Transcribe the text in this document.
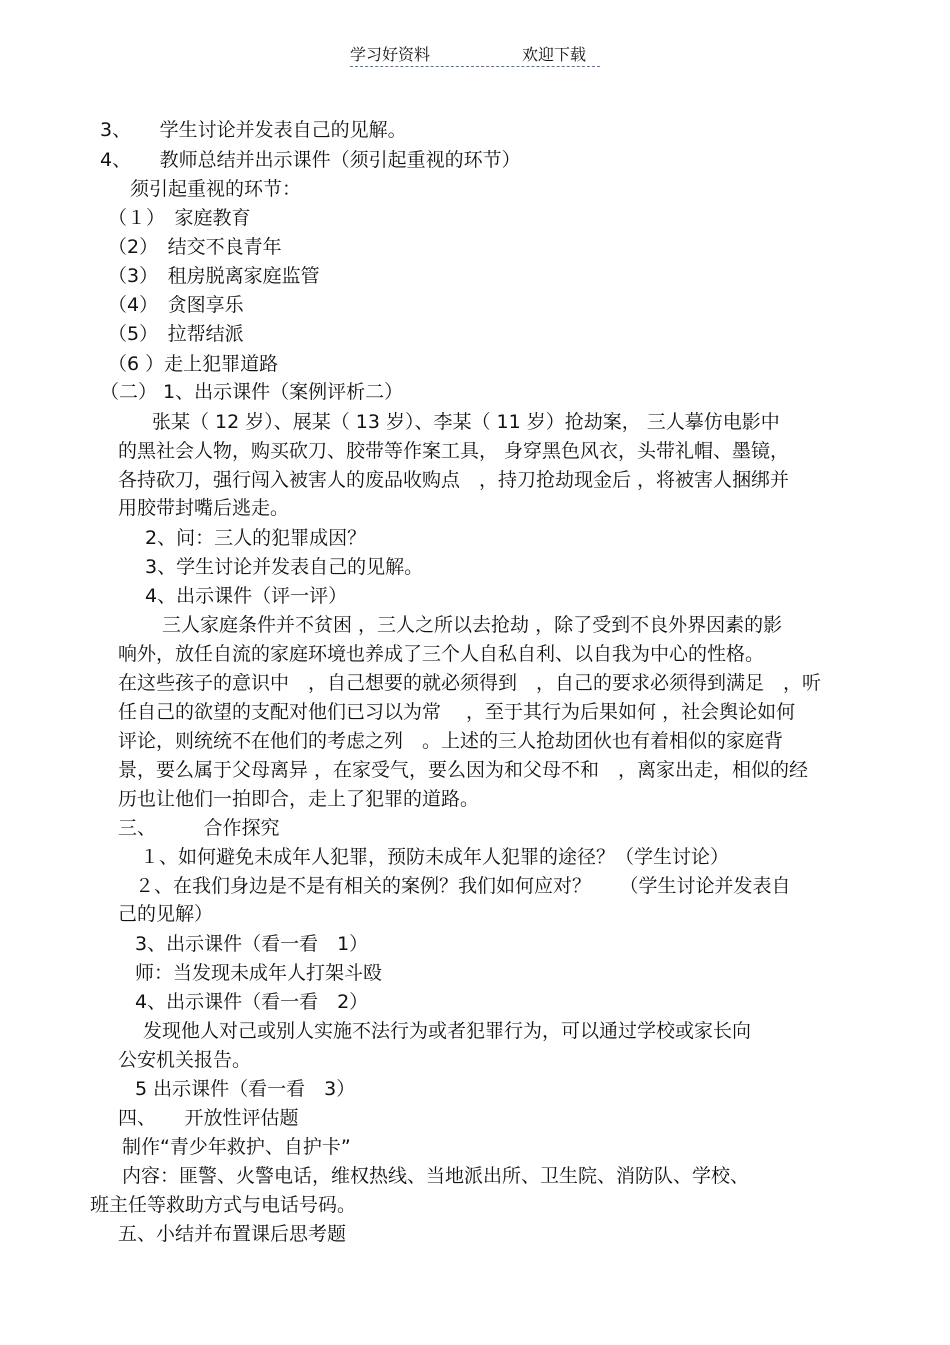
学习好资料	欢迎下载
3、　　学生讨论并发表自己的见解。
4、　　教师总结并出示课件（须引起重视的环节）
须引起重视的环节：
（１）　家庭教育
（2）　结交不良青年
（3）　租房脱离家庭监管
（4）　贪图享乐
（5）　拉帮结派
（6 ）走上犯罪道路
（二） 1、出示课件（案例评析二）
张某（ 12 岁）、展某（ 13 岁）、李某（ 11 岁）抢劫案， 三人摹仿电影中
的黑社会人物，购买砍刀、胶带等作案工具， 身穿黑色风衣，头带礼帽、墨镜，
各持砍刀，强行闯入被害人的废品收购点　，持刀抢劫现金后 ，将被害人捆绑并
用胶带封嘴后逃走。
2、问：三人的犯罪成因？
3、学生讨论并发表自己的见解。
4、出示课件（评一评）
三人家庭条件并不贫困 ，三人之所以去抢劫 ，除了受到不良外界因素的影
响外，放任自流的家庭环境也养成了三个人自私自利、以自我为中心的性格。
在这些孩子的意识中　，自己想要的就必须得到　，自己的要求必须得到满足　，听
任自己的欲望的支配对他们已习以为常　 ，至于其行为后果如何 ，社会舆论如何
评论，则统统不在他们的考虑之列　。上述的三人抢劫团伙也有着相似的家庭背
景，要么属于父母离异 ，在家受气，要么因为和父母不和　，离家出走，相似的经
历也让他们一拍即合，走上了犯罪的道路。
三、　　　合作探究
１、如何避免未成年人犯罪，预防未成年人犯罪的途径？（学生讨论）
２、在我们身边是不是有相关的案例？我们如何应对？　　（学生讨论并发表自
己的见解）
3、出示课件（看一看　1）
师：当发现未成年人打架斗殴
4、出示课件（看一看　2）
发现他人对己或别人实施不法行为或者犯罪行为，可以通过学校或家长向
公安机关报告。
5 出示课件（看一看　3）
四、　　开放性评估题
制作“青少年救护、自护卡”
内容：匪警、火警电话，维权热线、当地派出所、卫生院、消防队、学校、
班主任等救助方式与电话号码。
五、小结并布置课后思考题
